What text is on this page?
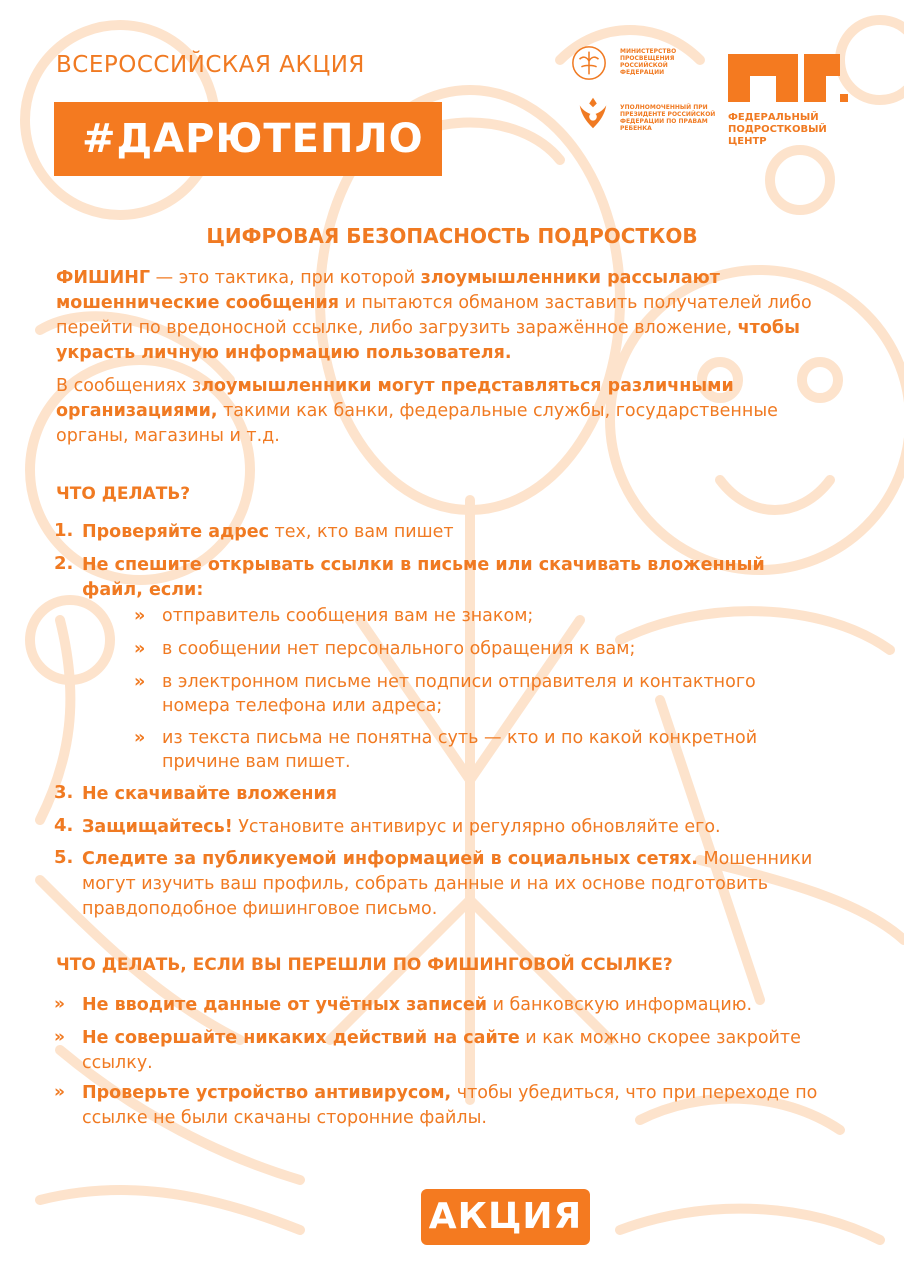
ВСЕРОССИЙСКАЯ АКЦИЯ
#ДАРЮТЕПЛО
МИНИСТЕРСТВО ПРОСВЕЩЕНИЯ РОССИЙСКОЙ ФЕДЕРАЦИИ
УПОЛНОМОЧЕННЫЙ ПРИ ПРЕЗИДЕНТЕ РОССИЙСКОЙ ФЕДЕРАЦИИ ПО ПРАВАМ РЕБЕНКА
ФЕДЕРАЛЬНЫЙ
ПОДРОСТКОВЫЙ
ЦЕНТР
ЦИФРОВАЯ БЕЗОПАСНОСТЬ ПОДРОСТКОВ
ФИШИНГ — это тактика, при которой злоумышленники рассылают мошеннические сообщения и пытаются обманом заставить получателей либо перейти по вредоносной ссылке, либо загрузить заражённое вложение, чтобы украсть личную информацию пользователя.
В сообщениях злоумышленники могут представляться различными организациями, такими как банки, федеральные службы, государственные органы, магазины и т.д.
ЧТО ДЕЛАТЬ?
1. Проверяйте адрес тех, кто вам пишет
2. Не спешите открывать ссылки в письме или скачивать вложенный файл, если:
» отправитель сообщения вам не знаком;
» в сообщении нет персонального обращения к вам;
» в электронном письме нет подписи отправителя и контактного номера телефона или адреса;
» из текста письма не понятна суть — кто и по какой конкретной причине вам пишет.
3. Не скачивайте вложения
4. Защищайтесь! Установите антивирус и регулярно обновляйте его.
5. Следите за публикуемой информацией в социальных сетях. Мошенники могут изучить ваш профиль, собрать данные и на их основе подготовить правдоподобное фишинговое письмо.
ЧТО ДЕЛАТЬ, ЕСЛИ ВЫ ПЕРЕШЛИ ПО ФИШИНГОВОЙ ССЫЛКЕ?
» Не вводите данные от учётных записей и банковскую информацию.
» Не совершайте никаких действий на сайте и как можно скорее закройте ссылку.
» Проверьте устройство антивирусом, чтобы убедиться, что при переходе по ссылке не были скачаны сторонние файлы.
АКЦИЯ
